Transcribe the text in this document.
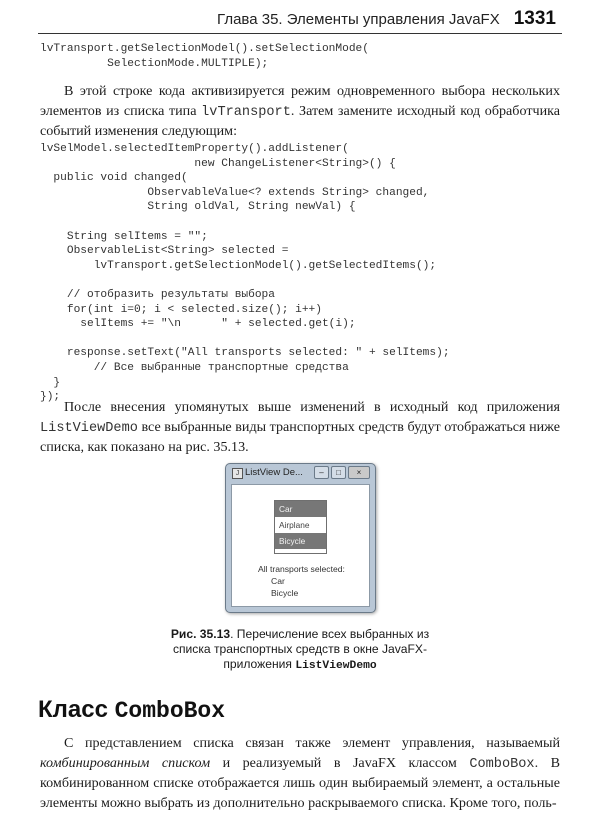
Глава 35. Элементы управления JavaFX 1331
lvTransport.getSelectionModel().setSelectionMode(
SelectionMode.MULTIPLE);
В этой строке кода активизируется режим одновременного выбора нескольких элементов из списка типа lvTransport. Затем замените исходный код обработчика событий изменения следующим:
lvSelModel.selectedItemProperty().addListener(
new ChangeListener<String>() {
public void changed(
ObservableValue<? extends String> changed,
String oldVal, String newVal) {

String selItems = "";
ObservableList<String> selected =
lvTransport.getSelectionModel().getSelectedItems();

// отобразить результаты выбора
for(int i=0; i < selected.size(); i++)
selItems += "\n      " + selected.get(i);

response.setText("All transports selected: " + selItems);
// Все выбранные транспортные средства
}
});
После внесения упомянутых выше изменений в исходный код приложения ListViewDemo все выбранные виды транспортных средств будут отображаться ниже списка, как показано на рис. 35.13.
J ListView De...	–	□	×
Car
Airplane
Bicycle
All transports selected:
Car
Bicycle
Рис. 35.13. Перечисление всех выбранных из списка транспортных средств в окне JavaFX-приложения ListViewDemo
Класс ComboBox
С представлением списка связан также элемент управления, называемый комбинированным списком и реализуемый в JavaFX классом ComboBox. В комбинированном списке отображается лишь один выбираемый элемент, а остальные элементы можно выбрать из дополнительно раскрываемого списка. Кроме того, поль-
